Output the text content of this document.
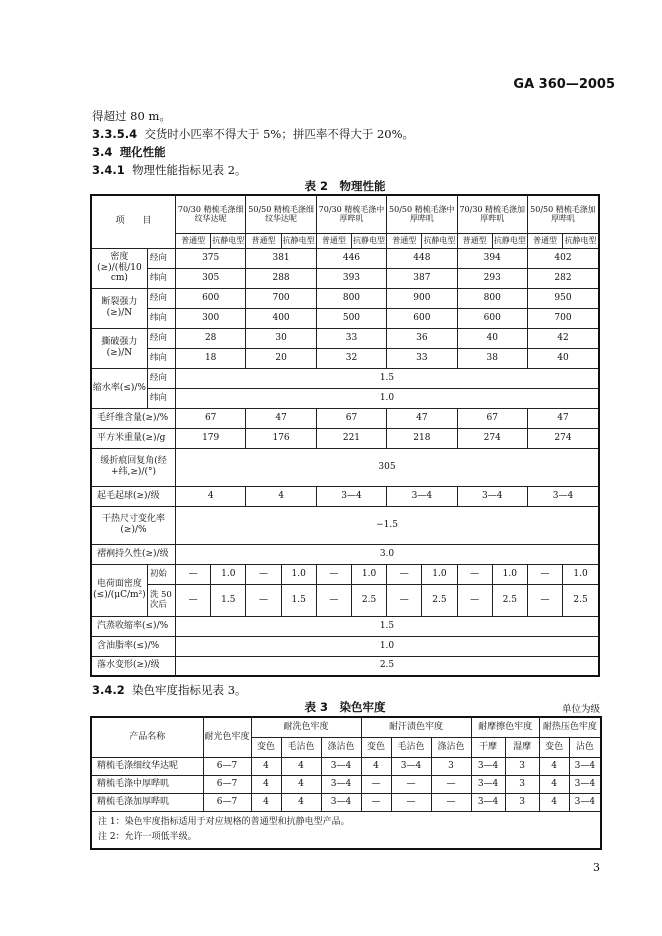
GA 360—2005
得超过 80 m。
3.3.5.4 交货时小匹率不得大于 5%；拼匹率不得大于 20%。
3.4 理化性能
3.4.1 物理性能指标见表 2。
表 2　物理性能
项　　目		70/30 精梳毛涤细纹华达呢		50/50 精梳毛涤细纹华达呢		70/30 精梳毛涤中厚哔叽		50/50 精梳毛涤中厚哔叽		70/30 精梳毛涤加厚哔叽		50/50 精梳毛涤加厚哔叽	
		普通型	抗静电型	普通型	抗静电型	普通型	抗静电型	普通型	抗静电型	普通型	抗静电型	普通型	抗静电型
密度(≥)/(根/10 cm)	经向	375		381		446		448		394		402	
	纬向	305		288		393		387		293		282	
断裂强力(≥)/N	经向	600		700		800		900		800		950	
	纬向	300		400		500		600		600		700	
撕破强力(≥)/N	经向	28		30		33		36		40		42	
	纬向	18		20		32		33		38		40	
缩水率(≤)/%	经向	1.5											
	纬向	1.0											
毛纤维含量(≥)/%		67		47		67		47		67		47	
平方米重量(≥)/g		179		176		221		218		274		274	
缓折痕回复角(经+纬,≥)/(°)		305											
起毛起球(≥)/级		4		4		3—4		3—4		3—4		3—4	
干热尺寸变化率(≥)/%		−1.5											
褶裥持久性(≥)/级		3.0											
电荷面密度(≤)/(μC/m²)	初始	—	1.0	—	1.0	—	1.0	—	1.0	—	1.0	—	1.0
	洗 50 次后	—	1.5	—	1.5	—	2.5	—	2.5	—	2.5	—	2.5
汽蒸收缩率(≤)/%		1.5											
含油脂率(≤)/%		1.0											
落水变形(≥)/级		2.5											
3.4.2 染色牢度指标见表 3。
表 3　染色牢度	单位为级
产品名称	耐光色牢度	耐洗色牢度			耐汗渍色牢度			耐摩擦色牢度		耐热压色牢度	
		变色	毛沾色	涤沾色	变色	毛沾色	涤沾色	干摩	湿摩	变色	沾色
精梳毛涤细纹华达呢	6—7	4	4	3—4	4	3—4	3	3—4	3	4	3—4
精梳毛涤中厚哔叽	6—7	4	4	3—4	—	—	—	3—4	3	4	3—4
精梳毛涤加厚哔叽	6—7	4	4	3—4	—	—	—	3—4	3	4	3—4

注 1：染色牢度指标适用于对应规格的普通型和抗静电型产品。
注 2：允许一项低半级。											
3
